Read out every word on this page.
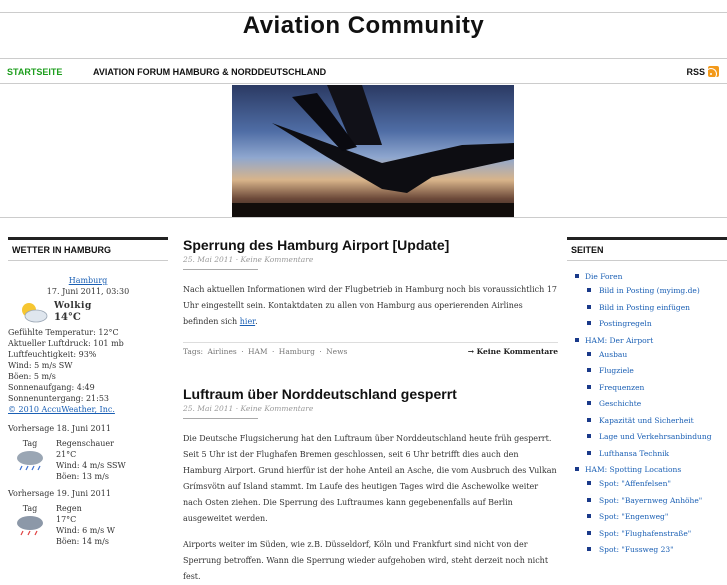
Aviation Community
STARTSEITE	AVIATION FORUM HAMBURG & NORDDEUTSCHLAND	RSS
WETTER IN HAMBURG
Hamburg
17. Juni 2011, 03:30
Wolkig
14°C
Gefühlte Temperatur: 12°C
Aktueller Luftdruck: 101 mb
Luftfeuchtigkeit: 93%
Wind: 5 m/s SW
Böen: 5 m/s
Sonnenaufgang: 4:49
Sonnenuntergang: 21:53
© 2010 AccuWeather, Inc.
Vorhersage 18. Juni 2011
Tag	Regenschauer
21°C
Wind: 4 m/s SSW
Böen: 13 m/s
Vorhersage 19. Juni 2011
Tag	Regen
17°C
Wind: 6 m/s W
Böen: 14 m/s
Sperrung des Hamburg Airport [Update]
25. Mai 2011 · Keine Kommentare
Nach aktuellen Informationen wird der Flugbetrieb in Hamburg noch bis voraussichtlich 17 Uhr eingestellt sein. Kontaktdaten zu allen von Hamburg aus operierenden Airlines befinden sich hier.
Tags: Airlines · HAM · Hamburg · News	→ Keine Kommentare
Luftraum über Norddeutschland gesperrt
25. Mai 2011 · Keine Kommentare
Die Deutsche Flugsicherung hat den Luftraum über Norddeutschland heute früh gesperrt. Seit 5 Uhr ist der Flughafen Bremen geschlossen, seit 6 Uhr betrifft dies auch den Hamburg Airport. Grund hierfür ist der hohe Anteil an Asche, die vom Ausbruch des Vulkan Grímsvötn auf Island stammt. Im Laufe des heutigen Tages wird die Aschewolke weiter nach Osten ziehen. Die Sperrung des Luftraumes kann gegebenenfalls auf Berlin ausgeweitet werden.
Airports weiter im Süden, wie z.B. Düsseldorf, Köln und Frankfurt sind nicht von der Sperrung betroffen. Wann die Sperrung wieder aufgehoben wird, steht derzeit noch nicht fest.
SEITEN
Die Foren
Bild in Posting (myimg.de)
Bild in Posting einfügen
Postingregeln
HAM: Der Airport
Ausbau
Flugziele
Frequenzen
Geschichte
Kapazität und Sicherheit
Lage und Verkehrsanbindung
Lufthansa Technik
HAM: Spotting Locations
Spot: "Affenfelsen"
Spot: "Bayernweg Anhöhe"
Spot: "Engenweg"
Spot: "Flughafenstraße"
Spot: "Fussweg 23"
